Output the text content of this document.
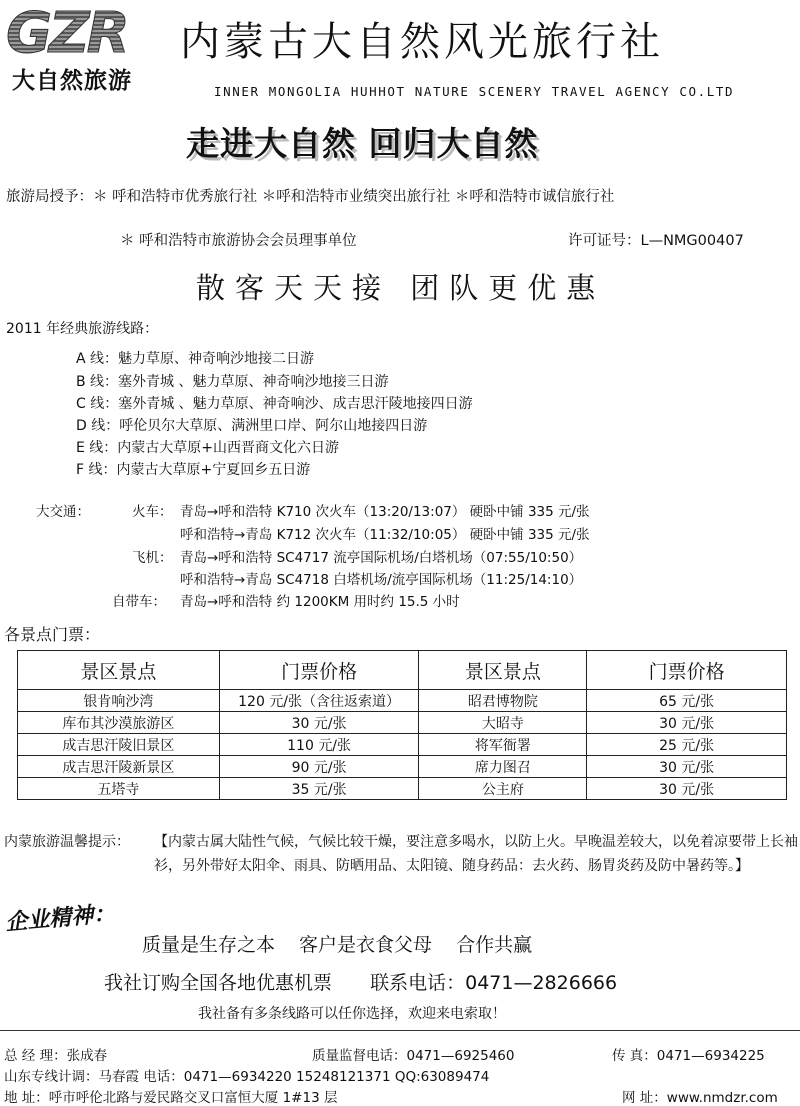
GZR
大自然旅游
内蒙古大自然风光旅行社
INNER MONGOLIA HUHHOT NATURE SCENERY TRAVEL AGENCY CO.LTD
走进大自然 回归大自然
旅游局授予：＊ 呼和浩特市优秀旅行社 ＊呼和浩特市业绩突出旅行社 ＊呼和浩特市诚信旅行社
＊ 呼和浩特市旅游协会会员理事单位	许可证号：L—NMG00407
散客天天接 团队更优惠
2011 年经典旅游线路：
A 线：魅力草原、神奇响沙地接二日游
B 线：塞外青城 、魅力草原、神奇响沙地接三日游
C 线：塞外青城 、魅力草原、神奇响沙、成吉思汗陵地接四日游
D 线：呼伦贝尔大草原、满洲里口岸、阿尔山地接四日游
E 线：内蒙古大草原+山西晋商文化六日游
F 线：内蒙古大草原+宁夏回乡五日游
大交通：	火车： 青岛→呼和浩特 K710 次火车（13:20/13:07） 硬卧中铺 335 元/张
呼和浩特→青岛 K712 次火车（11:32/10:05） 硬卧中铺 335 元/张
飞机： 青岛→呼和浩特 SC4717 流亭国际机场/白塔机场（07:55/10:50）
呼和浩特→青岛 SC4718 白塔机场/流亭国际机场（11:25/14:10）
自带车： 青岛→呼和浩特 约 1200KM 用时约 15.5 小时
各景点门票：
景区景点	门票价格	景区景点	门票价格
银肯响沙湾	120 元/张（含往返索道）	昭君博物院	65 元/张
库布其沙漠旅游区	30 元/张	大昭寺	30 元/张
成吉思汗陵旧景区	110 元/张	将军衙署	25 元/张
成吉思汗陵新景区	90 元/张	席力图召	30 元/张
五塔寺	35 元/张	公主府	30 元/张
内蒙旅游温馨提示： 【内蒙古属大陆性气候，气候比较干燥，要注意多喝水，以防上火。早晚温差较大，以免着凉要带上长袖衫，另外带好太阳伞、雨具、防晒用品、太阳镜、随身药品：去火药、肠胃炎药及防中暑药等。】
企业精神：
质量是生存之本 客户是衣食父母 合作共赢
我社订购全国各地优惠机票 联系电话：0471—2826666
我社备有多条线路可以任你选择，欢迎来电索取！
总 经 理：张成春	质量监督电话：0471—6925460	传 真：0471—6934225
山东专线计调：马春霞 电话：0471—6934220 15248121371 QQ:63089474
地 址：呼市呼伦北路与爱民路交叉口富恒大厦 1#13 层	网 址：www.nmdzr.com
